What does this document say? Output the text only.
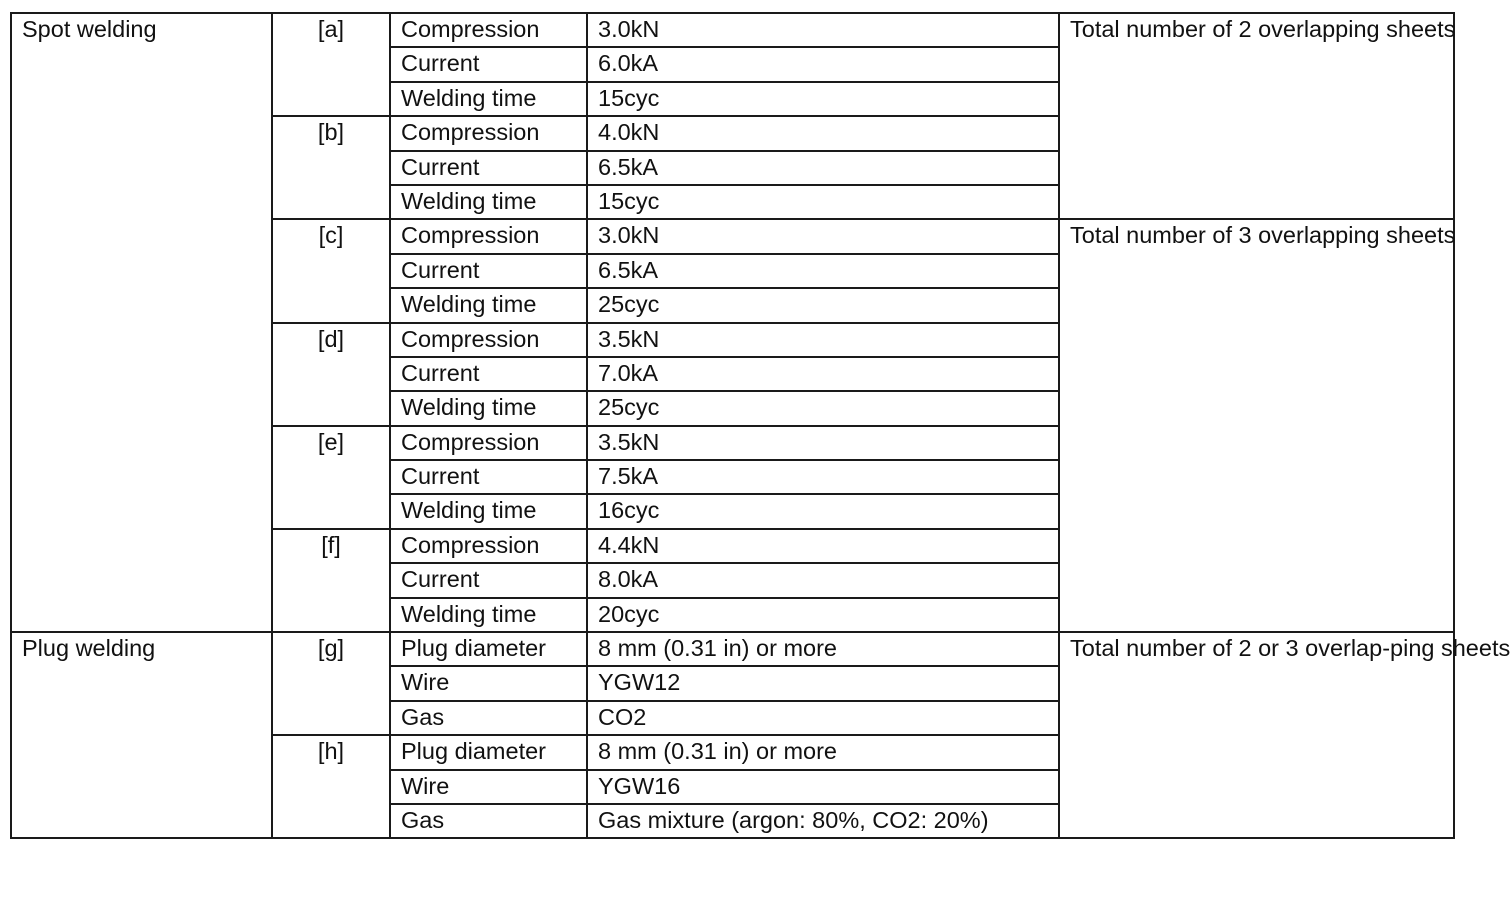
Spot welding	[a]	Compression	3.0kN	Total number of 2 overlapping sheets
		Current	6.0kA	
		Welding time	15cyc	
	[b]	Compression	4.0kN	
		Current	6.5kA	
		Welding time	15cyc	
	[c]	Compression	3.0kN	Total number of 3 overlapping sheets
		Current	6.5kA	
		Welding time	25cyc	
	[d]	Compression	3.5kN	
		Current	7.0kA	
		Welding time	25cyc	
	[e]	Compression	3.5kN	
		Current	7.5kA	
		Welding time	16cyc	
	[f]	Compression	4.4kN	
		Current	8.0kA	
		Welding time	20cyc	
Plug welding	[g]	Plug diameter	8 mm (0.31 in) or more	Total number of 2 or 3 overlap-ping sheets
		Wire	YGW12	
		Gas	CO2	
	[h]	Plug diameter	8 mm (0.31 in) or more	
		Wire	YGW16	
		Gas	Gas mixture (argon: 80%, CO2: 20%)	
